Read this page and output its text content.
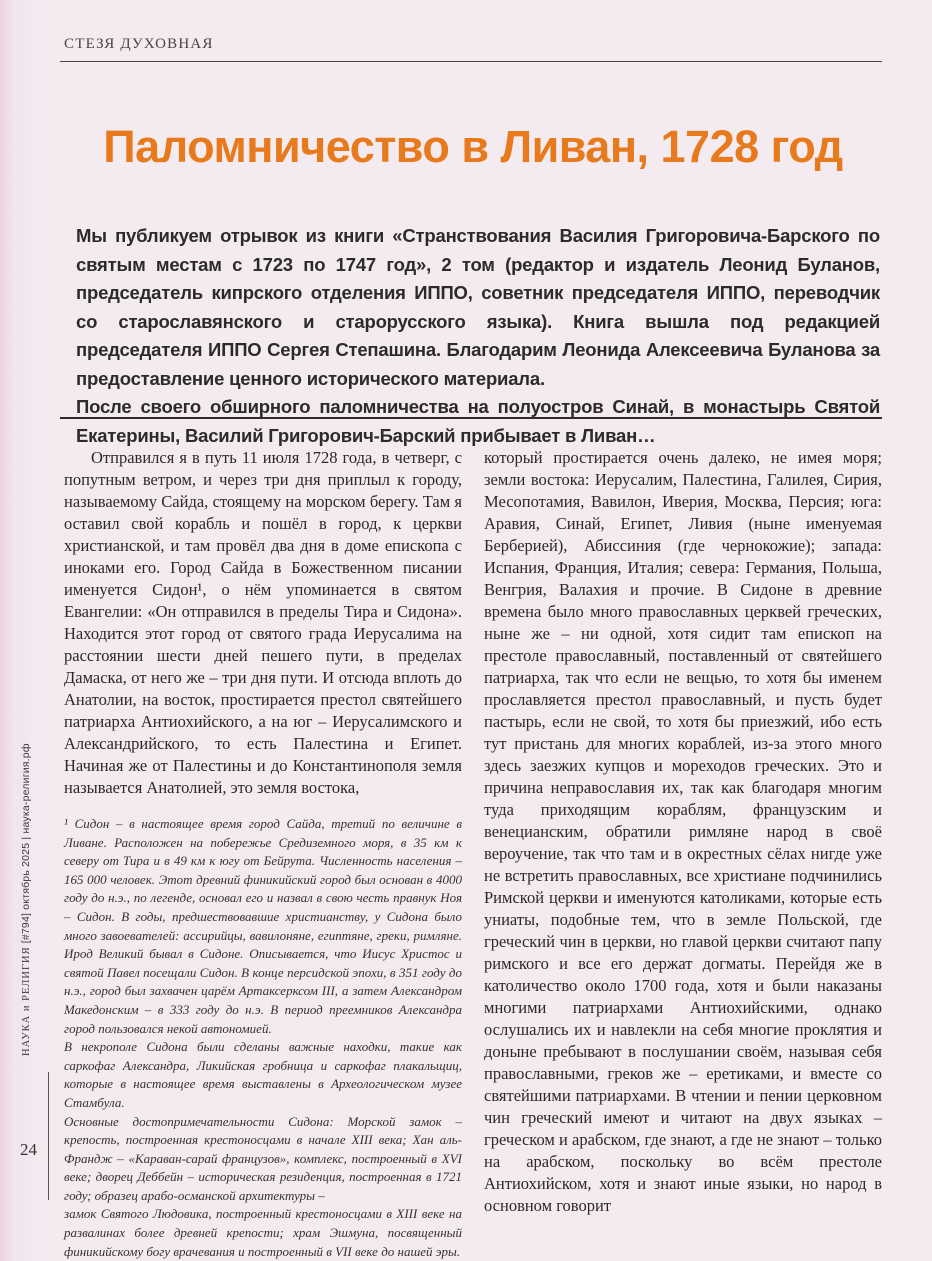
СТЕЗЯ ДУХОВНАЯ
Паломничество в Ливан, 1728 год

Мы публикуем отрывок из книги «Странствования Василия Григоровича-Барского по святым местам с 1723 по 1747 год», 2 том (редактор и издатель Леонид Буланов, председатель кипрского отделения ИППО, советник председателя ИППО, переводчик со старославянского и старорусского языка). Книга вышла под редакцией председателя ИППО Сергея Степашина. Благодарим Леонида Алексеевича Буланова за предоставление ценного исторического материала.

После своего обширного паломничества на полуостров Синай, в монастырь Святой Екатерины, Василий Григорович-Барский прибывает в Ливан…

Отправился я в путь 11 июля 1728 года, в четверг, с попутным ветром, и через три дня приплыл к городу, называемому Сайда, стоящему на морском берегу. Там я оставил свой корабль и пошёл в город, к церкви христианской, и там провёл два дня в доме епископа с иноками его. Город Сайда в Божественном писании именуется Сидон¹, о нём упоминается в святом Евангелии: «Он отправился в пределы Тира и Сидона». Находится этот город от святого града Иерусалима на расстоянии шести дней пешего пути, в пределах Дамаска, от него же – три дня пути. И отсюда вплоть до Анатолии, на восток, простирается престол святейшего патриарха Антиохийского, а на юг – Иерусалимского и Александрийского, то есть Палестина и Египет. Начиная же от Палестины и до Константинополя земля называется Анатолией, это земля востока,

¹ Сидон – в настоящее время город Сайда, третий по величине в Ливане. Расположен на побережье Средиземного моря, в 35 км к северу от Тира и в 49 км к югу от Бейрута. Численность населения – 165 000 человек. Этот древний финикийский город был основан в 4000 году до н.э., по легенде, основал его и назвал в свою честь правнук Ноя – Сидон. В годы, предшествовавшие христианству, у Сидона было много завоевателей: ассирийцы, вавилоняне, египтяне, греки, римляне. Ирод Великий бывал в Сидоне. Описывается, что Иисус Христос и святой Павел посещали Сидон. В конце персидской эпохи, в 351 году до н.э., город был захвачен царём Артаксерксом III, а затем Александром Македонским – в 333 году до н.э. В период преемников Александра город пользовался некой автономией.

В некрополе Сидона были сделаны важные находки, такие как саркофаг Александра, Ликийская гробница и саркофаг плакальщиц, которые в настоящее время выставлены в Археологическом музее Стамбула.

Основные достопримечательности Сидона: Морской замок – крепость, построенная крестоносцами в начале XIII века; Хан аль-Франдж – «Караван-сарай французов», комплекс, построенный в XVI веке; дворец Деббейн – историческая резиденция, построенная в 1721 году; образец арабо-османской архитектуры –

замок Святого Людовика, построенный крестоносцами в XIII веке на развалинах более древней крепости; храм Эшмуна, посвященный финикийскому богу врачевания и построенный в VII веке до нашей эры.

который простирается очень далеко, не имея моря; земли востока: Иерусалим, Палестина, Галилея, Сирия, Месопотамия, Вавилон, Иверия, Москва, Персия; юга: Аравия, Синай, Египет, Ливия (ныне именуемая Берберией), Абиссиния (где чернокожие); запада: Испания, Франция, Италия; севера: Германия, Польша, Венгрия, Валахия и прочие. В Сидоне в древние времена было много православных церквей греческих, ныне же – ни одной, хотя сидит там епископ на престоле православный, поставленный от святейшего патриарха, так что если не вещью, то хотя бы именем прославляется престол православный, и пусть будет пастырь, если не свой, то хотя бы приезжий, ибо есть тут пристань для многих кораблей, из-за этого много здесь заезжих купцов и мореходов греческих. Это и причина неправославия их, так как благодаря многим туда приходящим кораблям, французским и венецианским, обратили римляне народ в своё вероучение, так что там и в окрестных сёлах нигде уже не встретить православных, все христиане подчинились Римской церкви и именуются католиками, которые есть униаты, подобные тем, что в земле Польской, где греческий чин в церкви, но главой церкви считают папу римского и все его держат догматы. Перейдя же в католичество около 1700 года, хотя и были наказаны многими патриархами Антиохийскими, однако ослушались их и навлекли на себя многие проклятия и доныне пребывают в послушании своём, называя себя православными, греков же – еретиками, и вместе со святейшими патриархами. В чтении и пении церковном чин греческий имеют и читают на двух языках – греческом и арабском, где знают, а где не знают – только на арабском, поскольку во всём престоле Антиохийском, хотя и знают иные языки, но народ в основном говорит

НАУКА и РЕЛИГИЯ [#794] октябрь 2025 | наука-религия.рф
24
